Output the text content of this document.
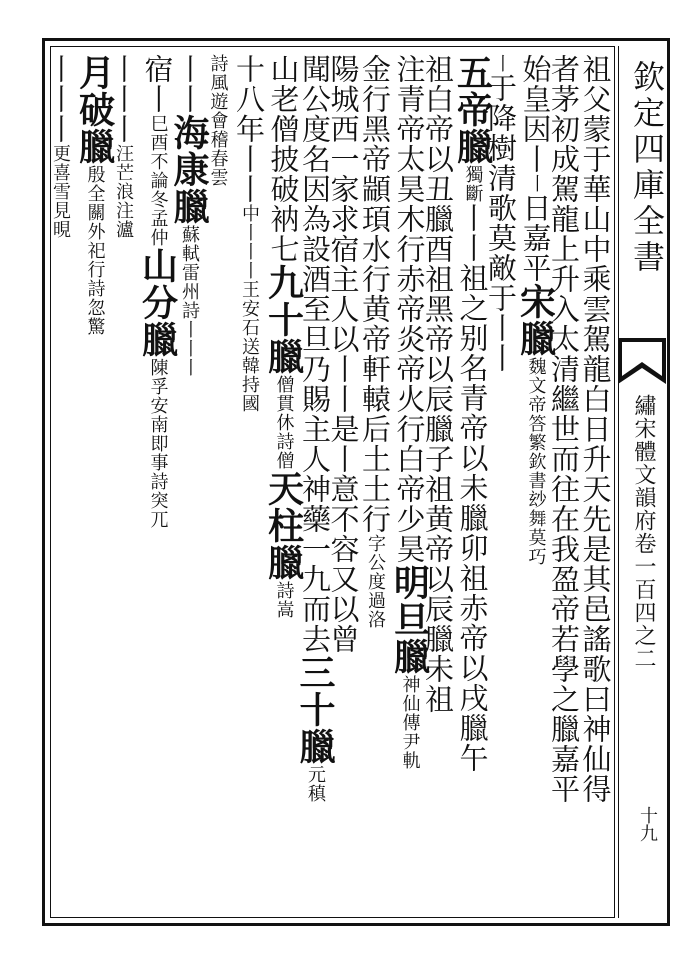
欽定四庫全書
繡宋體文韻府卷一百四之二
十九
祖父蒙于華山中乘雲駕龍白日升天先是其邑謠歌曰神仙得
者茅初成駕龍上升入太清繼世而往在我盈帝若學之臘嘉平
始皇因丨丨日嘉平宋臘魏文帝答繁欽書玅舞莫巧
丨于降樹清歌莫敵于丨丨
五帝臘獨斷丨丨祖之别名青帝以未臘卯祖赤帝以戌臘午
祖白帝以丑臘酉祖黑帝以辰臘子祖黄帝以辰臘未祖
注青帝太昊木行赤帝炎帝火行白帝少昊明旦臘神仙傳尹軌
金行黑帝顓頊水行黄帝軒轅后土土行字公度過洛
陽城西一家求宿主人以丨丨是丨意不容又以曾
聞公度名因為設酒至旦乃賜主人神藥一九而去三十臘元稹
山老僧披破衲七九十臘僧貫休詩僧天柱臘詩嵩
十八年丨丨中丨丨丨王安石送韓持國
詩風遊會稽春雲
丨丨海康臘蘇軾雷州詩丨丨丨
宿丨巳酉不論冬孟仲山分臘陳孚安南即事詩突兀
丨丨丨汪芒浪注瀘
月破臘殷全關外祀行詩忽驚
丨丨丨更喜雪見晛
